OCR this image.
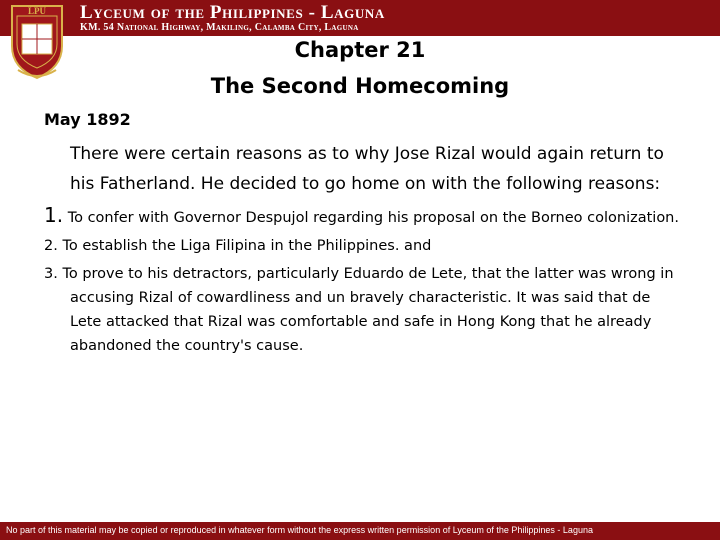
Lyceum of the Philippines - Laguna
KM. 54 National Highway, Makiling, Calamba City, Laguna
LPU
Chapter 21
The Second Homecoming
May 1892
There were certain reasons as to why Jose Rizal would again return to his Fatherland. He decided to go home on with the following reasons:
1. To confer with Governor Despujol regarding his proposal on the Borneo colonization.
2. To establish the Liga Filipina in the Philippines. and
3. To prove to his detractors, particularly Eduardo de Lete, that the latter was wrong in accusing Rizal of cowardliness and un bravely characteristic. It was said that de Lete attacked that Rizal was comfortable and safe in Hong Kong that he already abandoned the country's cause.
No part of this material may be copied or reproduced in whatever form without the express written permission of Lyceum of the Philippines - Laguna
